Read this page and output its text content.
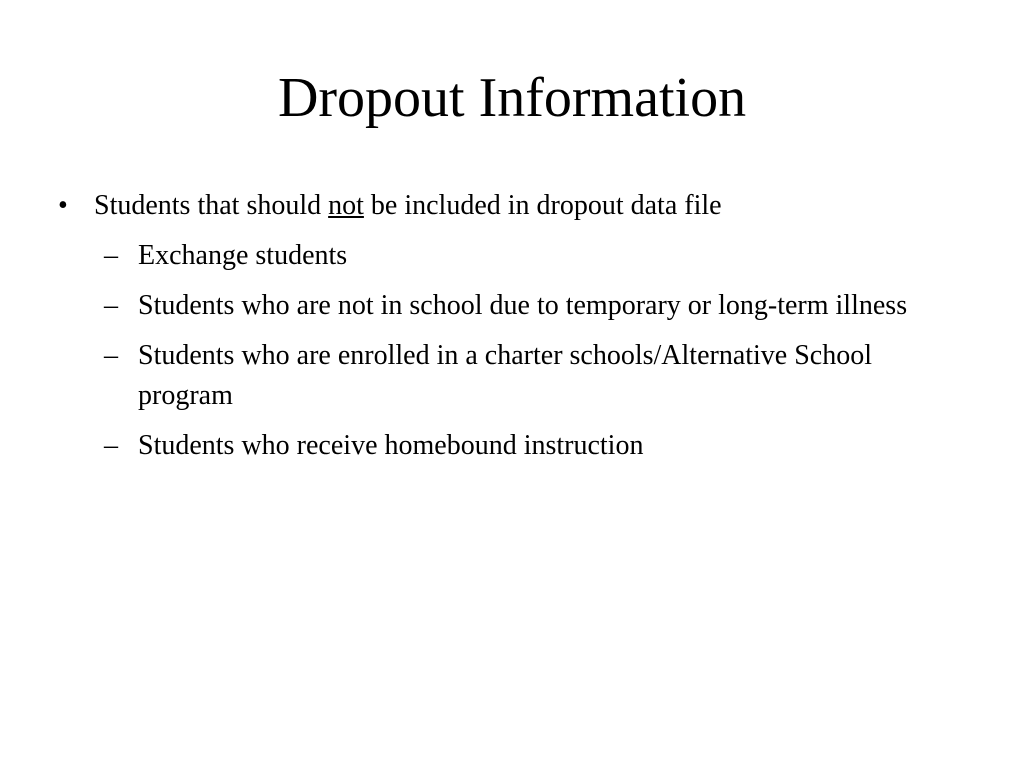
Dropout Information
• Students that should not be included in dropout data file
– Exchange students
– Students who are not in school due to temporary or long-term illness
– Students who are enrolled in a charter schools/Alternative School program
– Students who receive homebound instruction
